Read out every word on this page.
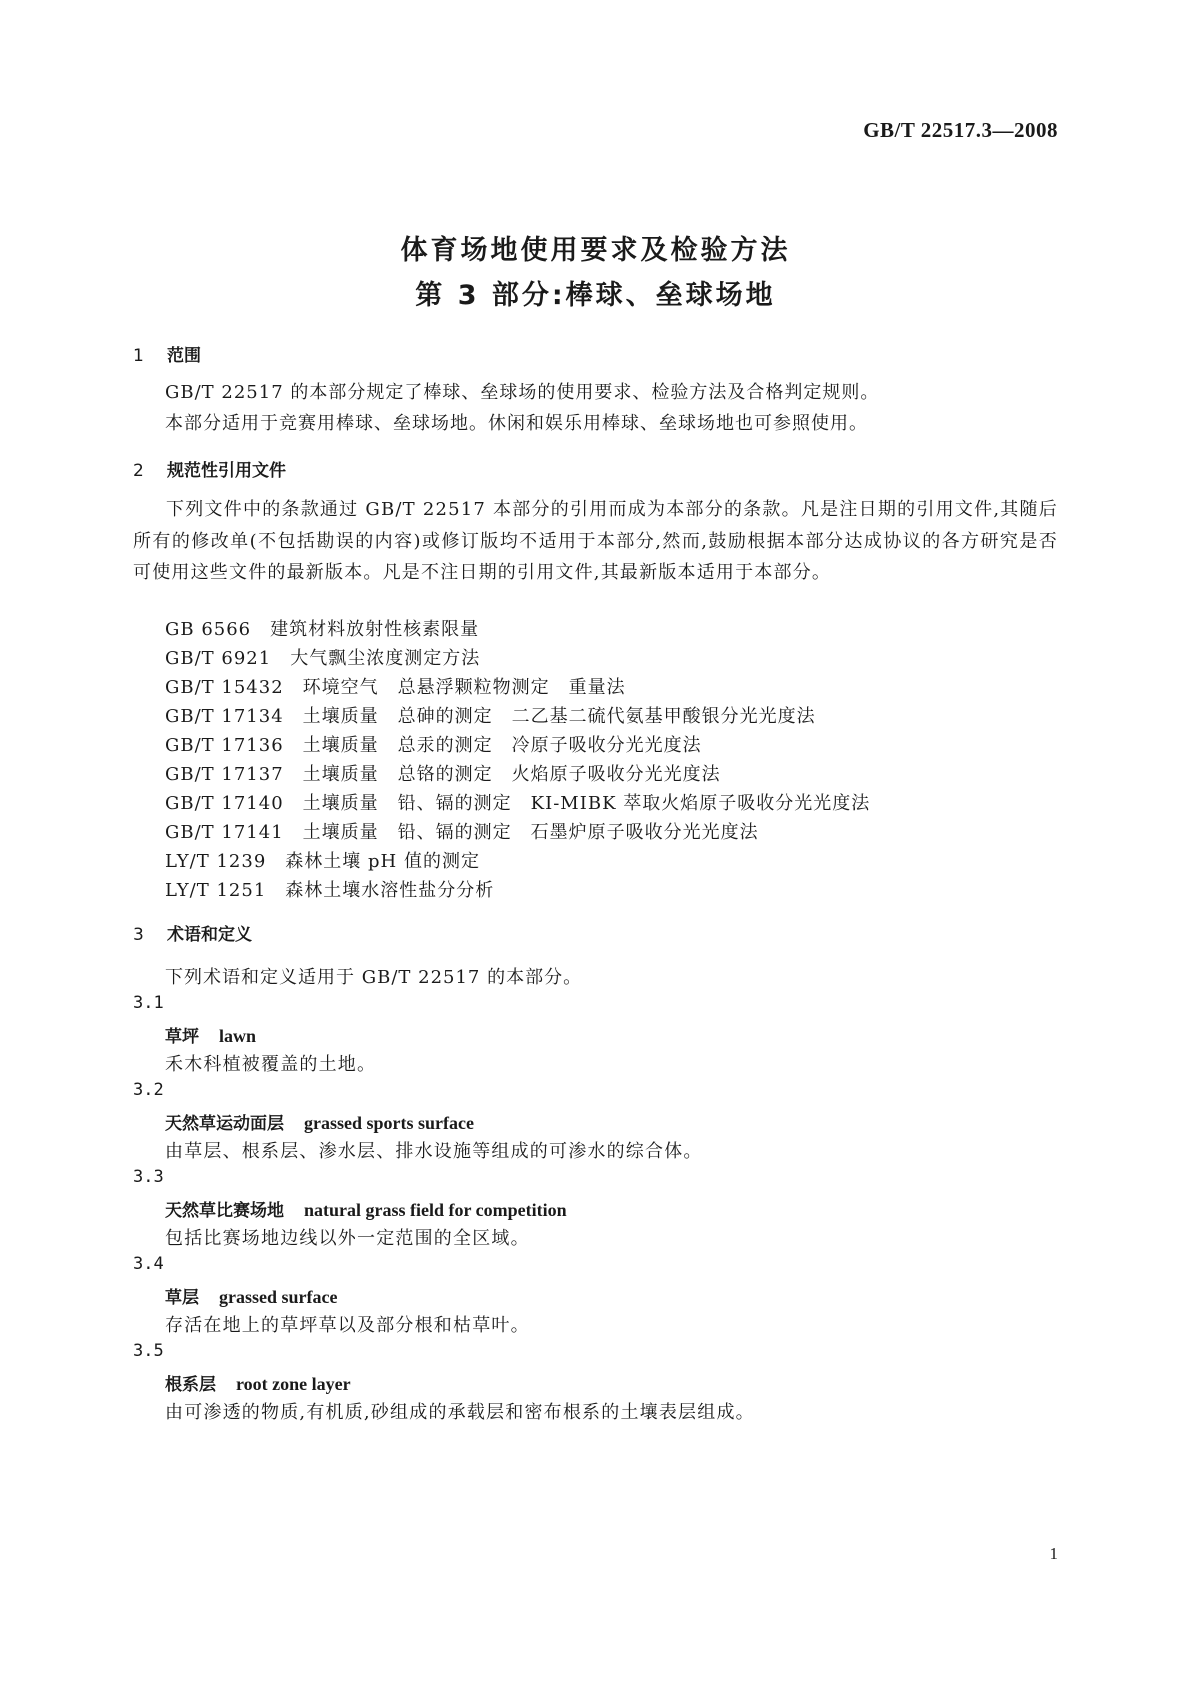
GB/T 22517.3—2008
体育场地使用要求及检验方法
第 3 部分:棒球、垒球场地
1 范围
GB/T 22517 的本部分规定了棒球、垒球场的使用要求、检验方法及合格判定规则。
本部分适用于竞赛用棒球、垒球场地。休闲和娱乐用棒球、垒球场地也可参照使用。
2 规范性引用文件
下列文件中的条款通过 GB/T 22517 本部分的引用而成为本部分的条款。凡是注日期的引用文件,其随后所有的修改单(不包括勘误的内容)或修订版均不适用于本部分,然而,鼓励根据本部分达成协议的各方研究是否可使用这些文件的最新版本。凡是不注日期的引用文件,其最新版本适用于本部分。
GB 6566　建筑材料放射性核素限量
GB/T 6921　大气飘尘浓度测定方法
GB/T 15432　环境空气　总悬浮颗粒物测定　重量法
GB/T 17134　土壤质量　总砷的测定　二乙基二硫代氨基甲酸银分光光度法
GB/T 17136　土壤质量　总汞的测定　冷原子吸收分光光度法
GB/T 17137　土壤质量　总铬的测定　火焰原子吸收分光光度法
GB/T 17140　土壤质量　铅、镉的测定　KI-MIBK 萃取火焰原子吸收分光光度法
GB/T 17141　土壤质量　铅、镉的测定　石墨炉原子吸收分光光度法
LY/T 1239　森林土壤 pH 值的测定
LY/T 1251　森林土壤水溶性盐分分析
3 术语和定义
下列术语和定义适用于 GB/T 22517 的本部分。
3.1
草坪 lawn
禾木科植被覆盖的土地。
3.2
天然草运动面层 grassed sports surface
由草层、根系层、渗水层、排水设施等组成的可渗水的综合体。
3.3
天然草比赛场地 natural grass field for competition
包括比赛场地边线以外一定范围的全区域。
3.4
草层 grassed surface
存活在地上的草坪草以及部分根和枯草叶。
3.5
根系层 root zone layer
由可渗透的物质,有机质,砂组成的承载层和密布根系的土壤表层组成。
1
